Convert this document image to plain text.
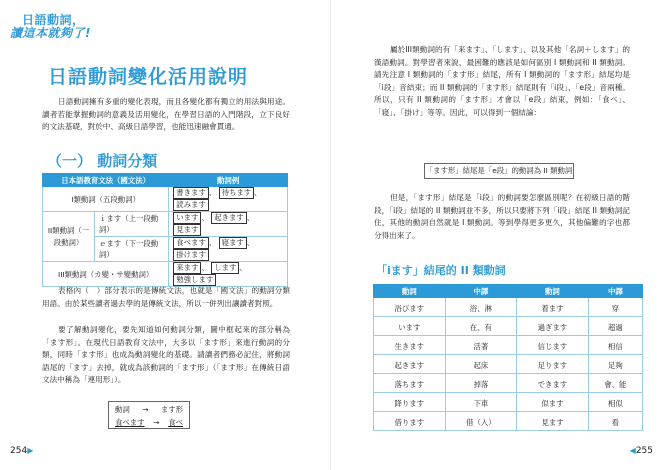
日語動詞，
讀這本就夠了!
日語動詞變化活用說明

日語動詞擁有多重的變化表現，而且各變化都有獨立的用法與用途。讀者若能掌握動詞的意義及活用變化，在學習日語的入門階段，立下良好的文法基礎，對於中、高級日語學習，也能迅速融會貫通。

（一） 動詞分類
日本語教育文法（國文法）		動詞例
I類動詞（五段動詞）		書きます 、 待ちます 、 読みます
II類動詞（一段動詞）	ｉます（上一段動詞）	います 、 起きます 、 見ます
	ｅます（下一段動詞）	食べます 、 寝ます 、 掛けます
III類動詞（カ變・サ變動詞）		来ます 、 します 、 勉強します

表格內（　）部分表示的是傳統文法，也就是「國文法」的動詞分類用語。由於某些讀者過去學的是傳統文法，所以一併列出讓讀者對照。

要了解動詞變化，要先知道如何動詞分類，圖中框起來的部分稱為「ます形」。在現代日語教育文法中，大多以「ます形」來進行動詞的分類，同時「ます形」也成為動詞變化的基礎。請讀者們務必記住，將動詞語尾的「ます」去掉，就成為該動詞的「ます形」（「ます形」在傳統日語文法中稱為「連用形」）。

動詞 → ます形
食べます → 食べ
254▶

屬於III類動詞的有「来ます」、「します」、以及其他「名詞＋します」的漢語動詞。對學習者來說，最困難的應該是如何區別 I 類動詞和 II 類動詞。請先注意 I 類動詞的「ます形」結尾，所有 I 類動詞的「ます形」結尾均是「i段」音結束；而 II 類動詞的「ます形」結尾則有「i段」、「e段」音兩種。所以，只有 II 類動詞的「ます形」才會以「e段」結束，例如：「食べ」、「寝」、「掛け」等等。因此，可以得到一個結論：

「ます形」結尾是「e段」的動詞為 II 類動詞

但是，「ます形」結尾是「i段」的動詞要怎麼區別呢？在初級日語的階段，「i段」結尾的 II 類動詞並不多，所以只要將下列「i段」結尾 II 類動詞記住，其他的動詞自然就是 I 類動詞。等到學得更多更久，其他偏難的字也都分得出來了。

「iます」結尾的 II 類動詞
動詞	中譯	動詞	中譯
浴びます	浴、淋	着ます	穿
います	在、有	過ぎます	超過
生きます	活著	信じます	相信
起きます	起床	足ります	足夠
落ちます	掉落	できます	會、能
降ります	下車	似ます	相似
借ります	借（入）	見ます	看
◀255
